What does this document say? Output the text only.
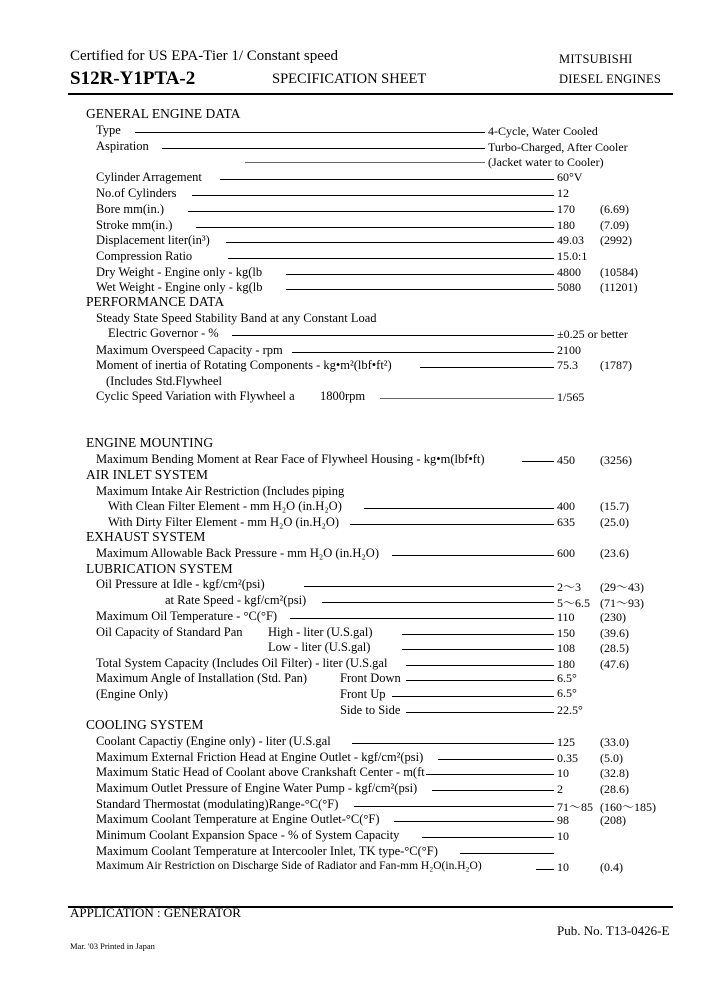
Certified for US EPA-Tier 1/ Constant speed
S12R-Y1PTA-2	SPECIFICATION SHEET
MITSUBISHI
DIESEL ENGINES
GENERAL ENGINE DATA
Type	4-Cycle, Water Cooled
Aspiration	Turbo-Charged, After Cooler
(Jacket water to Cooler)
Cylinder Arragement	60°V
No.of Cylinders	12
Bore mm(in.)	170 (6.69)
Stroke mm(in.)	180 (7.09)
Displacement liter(in³)	49.03 (2992)
Compression Ratio	15.0:1
Dry Weight - Engine only - kg(lb	4800 (10584)
Wet Weight - Engine only - kg(lb	5080 (11201)
PERFORMANCE DATA
Steady State Speed Stability Band at any Constant Load
Electric Governor - %	±0.25 or better
Maximum Overspeed Capacity - rpm	2100
Moment of inertia of Rotating Components - kg•m²(lbf•ft²)	75.3 (1787)
(Includes Std.Flywheel
Cyclic Speed Variation with Flywheel a 1800rpm	1/565
ENGINE MOUNTING
Maximum Bending Moment at Rear Face of Flywheel Housing - kg•m(lbf•ft)	450 (3256)
AIR INLET SYSTEM
Maximum Intake Air Restriction (Includes piping
With Clean Filter Element - mm H₂O (in.H₂O)	400 (15.7)
With Dirty Filter Element - mm H₂O (in.H₂O)	635 (25.0)
EXHAUST SYSTEM
Maximum Allowable Back Pressure - mm H₂O (in.H₂O)	600 (23.6)
LUBRICATION SYSTEM
Oil Pressure at Idle - kgf/cm²(psi)	2～3 (29～43)
at Rate Speed - kgf/cm²(psi)	5～6.5 (71～93)
Maximum Oil Temperature - °C(°F)	110 (230)
Oil Capacity of Standard Pan High - liter (U.S.gal)	150 (39.6)
Low - liter (U.S.gal)	108 (28.5)
Total System Capacity (Includes Oil Filter) - liter (U.S.gal	180 (47.6)
Maximum Angle of Installation (Std. Pan)	Front Down	6.5°
(Engine Only)	Front Up	6.5°
Side to Side	22.5°
COOLING SYSTEM
Coolant Capactiy (Engine only) - liter (U.S.gal	125 (33.0)
Maximum External Friction Head at Engine Outlet - kgf/cm²(psi)	0.35 (5.0)
Maximum Static Head of Coolant above Crankshaft Center - m(ft	10	(32.8)
Maximum Outlet Pressure of Engine Water Pump - kgf/cm²(psi)	2	(28.6)
Standard Thermostat (modulating)Range-°C(°F)	71～85 (160～185)
Maximum Coolant Temperature at Engine Outlet-°C(°F)	98	(208)
Minimum Coolant Expansion Space - % of System Capacity	10
Maximum Coolant Temperature at Intercooler Inlet, TK type-°C(°F)
Maximum Air Restriction on Discharge Side of Radiator and Fan-mm H₂O(in.H₂O)	10	(0.4)
APPLICATION : GENERATOR
Pub. No. T13-0426-E
Mar. '03 Printed in Japan
